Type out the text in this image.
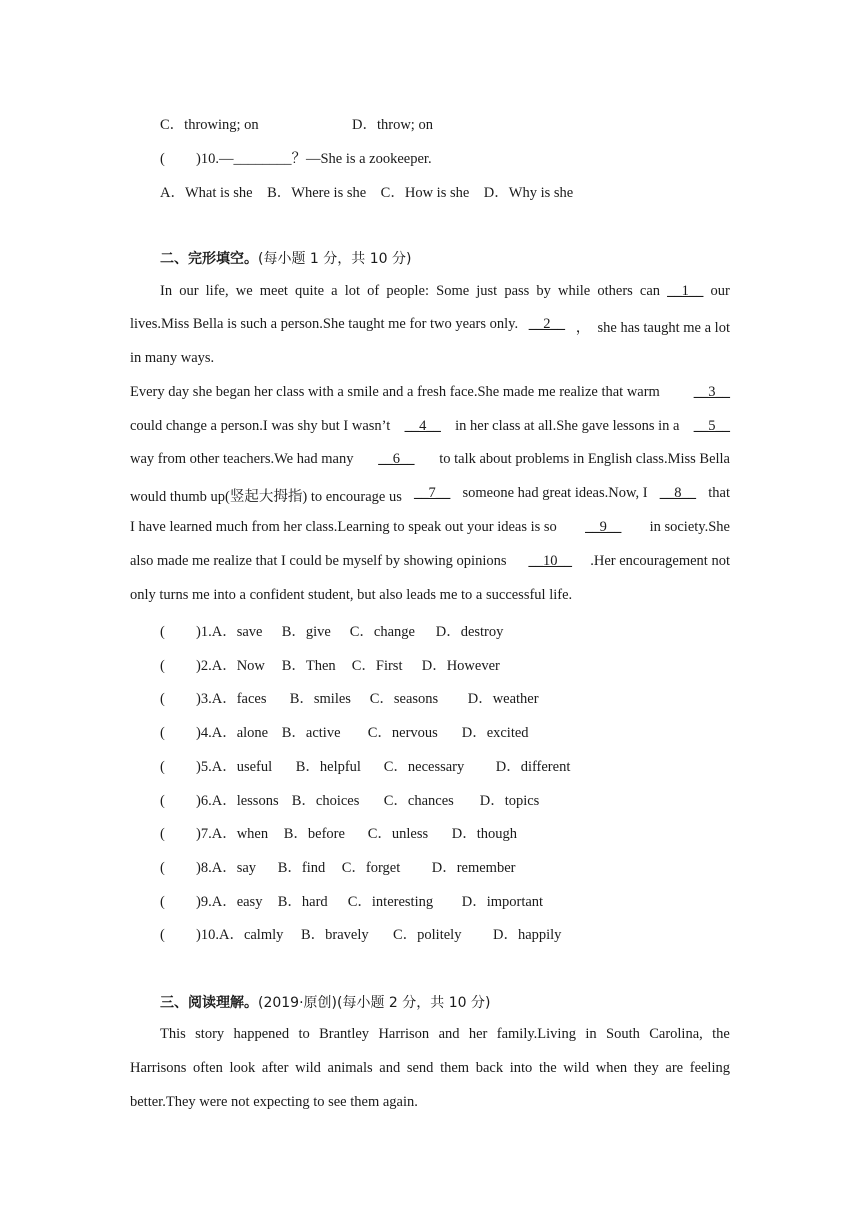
C．throwing; on	D．throw; on
( )10.—________？—She is a zookeeper.
A．What is she　B．Where is she　C．How is she　D．Why is she
二、完形填空。(每小题 1 分，共 10 分)
In our life, we meet quite a lot of people: Some just pass by while others can __1__ our
lives.Miss Bella is such a person.She taught me for two years only. __2__ ，  she has taught me a lot
in many ways.
Every day she began her class with a smile and a fresh face.She made me realize that warm __3__
could change a person.I was shy but I wasn’t __4__ in her class at all.She gave lessons in a __5__
way from other teachers.We had many __6__ to talk about problems in English class.Miss Bella
would thumb up(竖起大拇指) to encourage us __7__ someone had great ideas.Now, I __8__ that
I have learned much from her class.Learning to speak out your ideas is so __9__ in society.She
also made me realize that I could be myself by showing opinions __10__ .Her encouragement not
only turns me into a confident student, but also leads me to a successful life.
( )1.A．save B．give C．change D．destroy
( )2.A．Now B．Then C．First D．However
( )3.A．faces B．smiles C．seasons D．weather
( )4.A．alone B．active C．nervous D．excited
( )5.A．useful B．helpful C．necessary D．different
( )6.A．lessons B．choices C．chances D．topics
( )7.A．when B．before C．unless D．though
( )8.A．say B．find C．forget D．remember
( )9.A．easy B．hard C．interesting D．important
( )10.A．calmly B．bravely C．politely D．happily
三、阅读理解。(2019·原创)(每小题 2 分，共 10 分)
This story happened to Brantley Harrison and her family.Living in South Carolina, the
Harrisons often look after wild animals and send them back into the wild when they are feeling
better.They were not expecting to see them again.
